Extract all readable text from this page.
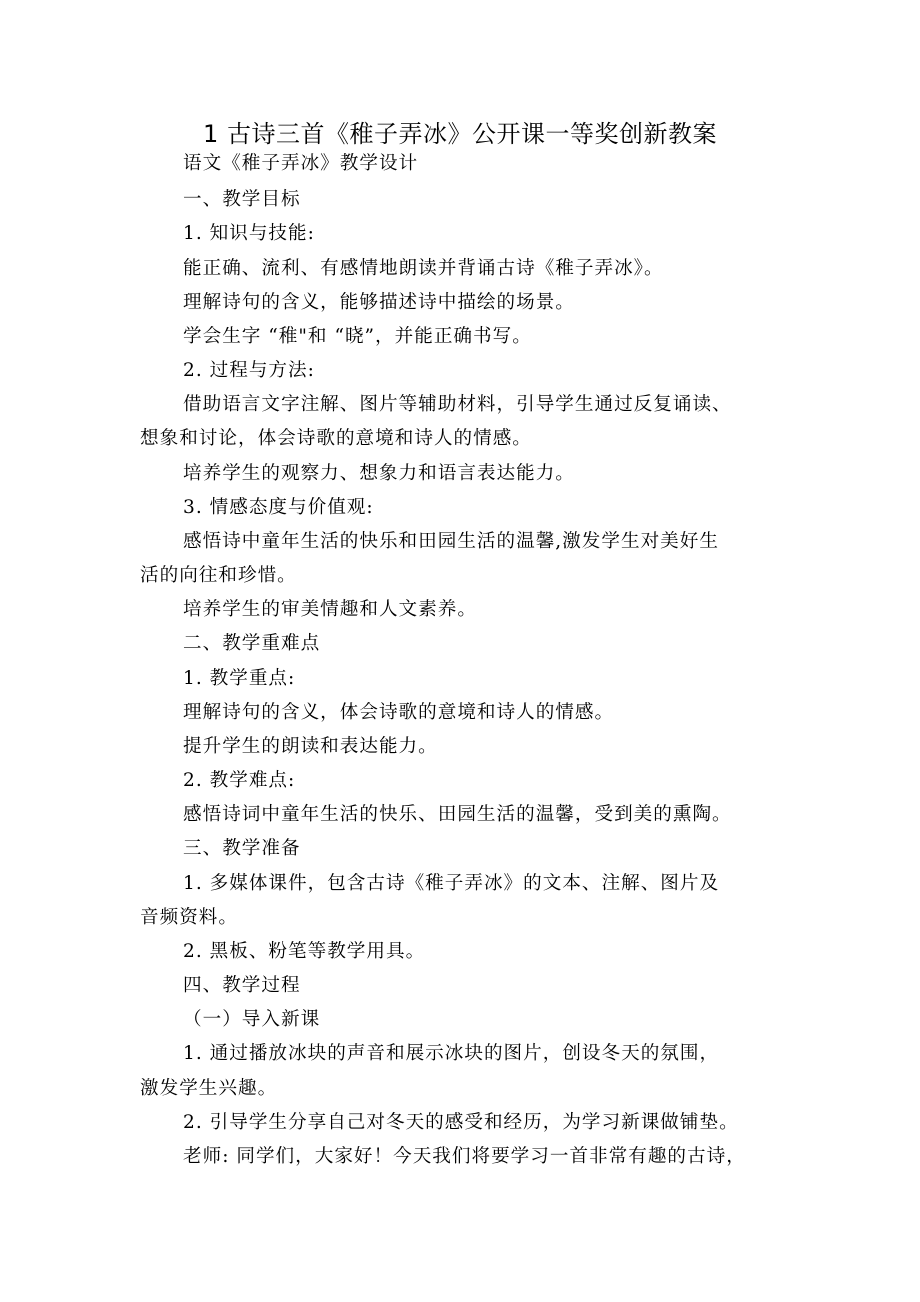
1 古诗三首《稚子弄冰》公开课一等奖创新教案
语文《稚子弄冰》教学设计
一、教学目标
1. 知识与技能:
能正确、流利、有感情地朗读并背诵古诗《稚子弄冰》。
理解诗句的含义，能够描述诗中描绘的场景。
学会生字 “稚"和 “晓”，并能正确书写。
2. 过程与方法:
借助语言文字注解、图片等辅助材料，引导学生通过反复诵读、
想象和讨论，体会诗歌的意境和诗人的情感。
培养学生的观察力、想象力和语言表达能力。
3. 情感态度与价值观:
感悟诗中童年生活的快乐和田园生活的温馨,激发学生对美好生
活的向往和珍惜。
培养学生的审美情趣和人文素养。
二、教学重难点
1. 教学重点:
理解诗句的含义，体会诗歌的意境和诗人的情感。
提升学生的朗读和表达能力。
2. 教学难点:
感悟诗词中童年生活的快乐、田园生活的温馨，受到美的熏陶。
三、教学准备
1. 多媒体课件，包含古诗《稚子弄冰》的文本、注解、图片及
音频资料。
2. 黑板、粉笔等教学用具。
四、教学过程
（一）导入新课
1. 通过播放冰块的声音和展示冰块的图片，创设冬天的氛围，
激发学生兴趣。
2. 引导学生分享自己对冬天的感受和经历，为学习新课做铺垫。
老师: 同学们，大家好！今天我们将要学习一首非常有趣的古诗，
